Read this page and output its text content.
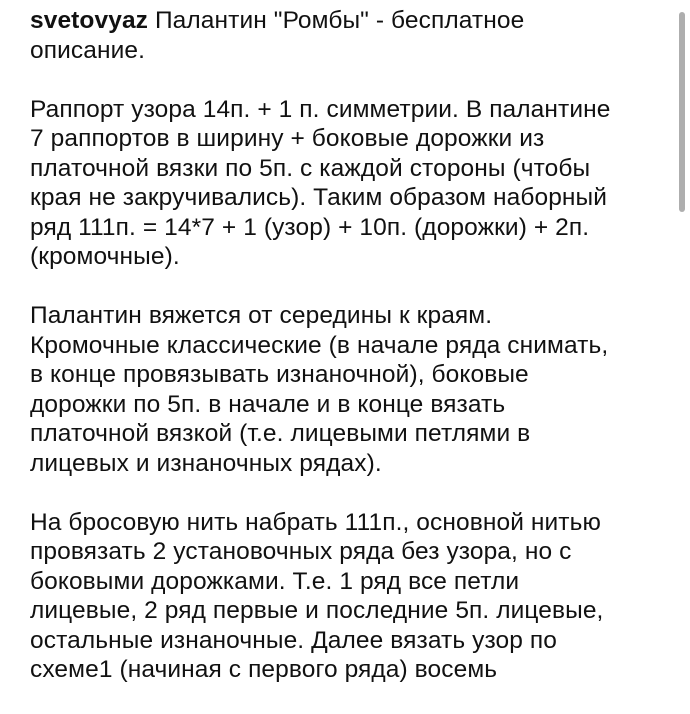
svetovyaz Палантин "Ромбы" - бесплатное
описание.
Раппорт узора 14п. + 1 п. симметрии. В палантине
7 раппортов в ширину + боковые дорожки из
платочной вязки по 5п. с каждой стороны (чтобы
края не закручивались). Таким образом наборный
ряд 111п. = 14*7 + 1 (узор) + 10п. (дорожки) + 2п.
(кромочные).
Палантин вяжется от середины к краям.
Кромочные классические (в начале ряда снимать,
в конце провязывать изнаночной), боковые
дорожки по 5п. в начале и в конце вязать
платочной вязкой (т.е. лицевыми петлями в
лицевых и изнаночных рядах).
На бросовую нить набрать 111п., основной нитью
провязать 2 установочных ряда без узора, но с
боковыми дорожками. Т.е. 1 ряд все петли
лицевые, 2 ряд первые и последние 5п. лицевые,
остальные изнаночные. Далее вязать узор по
схеме1 (начиная с первого ряда) восемь
